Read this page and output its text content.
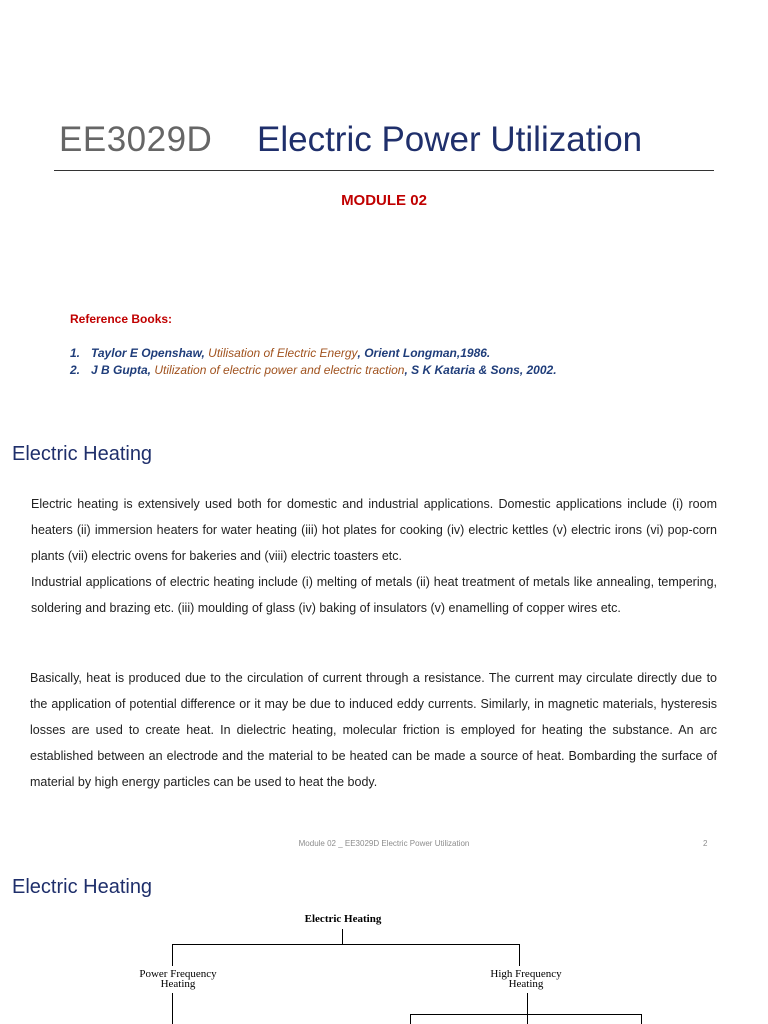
EE3029D Electric Power Utilization
MODULE 02
Reference Books:
1. Taylor E Openshaw, Utilisation of Electric Energy, Orient Longman,1986.
2. J B Gupta, Utilization of electric power and electric traction, S K Kataria & Sons, 2002.
Electric Heating

Electric heating is extensively used both for domestic and industrial applications. Domestic applications include (i) room heaters (ii) immersion heaters for water heating (iii) hot plates for cooking (iv) electric kettles (v) electric irons (vi) pop-corn plants (vii) electric ovens for bakeries and (viii) electric toasters etc.

Industrial applications of electric heating include (i) melting of metals (ii) heat treatment of metals like annealing, tempering, soldering and brazing etc. (iii) moulding of glass (iv) baking of insulators (v) enamelling of copper wires etc.

Basically, heat is produced due to the circulation of current through a resistance. The current may circulate directly due to the application of potential difference or it may be due to induced eddy currents. Similarly, in magnetic materials, hysteresis losses are used to create heat. In dielectric heating, molecular friction is employed for heating the substance. An arc established between an electrode and the material to be heated can be made a source of heat. Bombarding the surface of material by high energy particles can be used to heat the body.

Module 02 _ EE3029D Electric Power Utilization	2
Electric Heating
Electric Heating
Power Frequency
Heating
High Frequency
Heating
